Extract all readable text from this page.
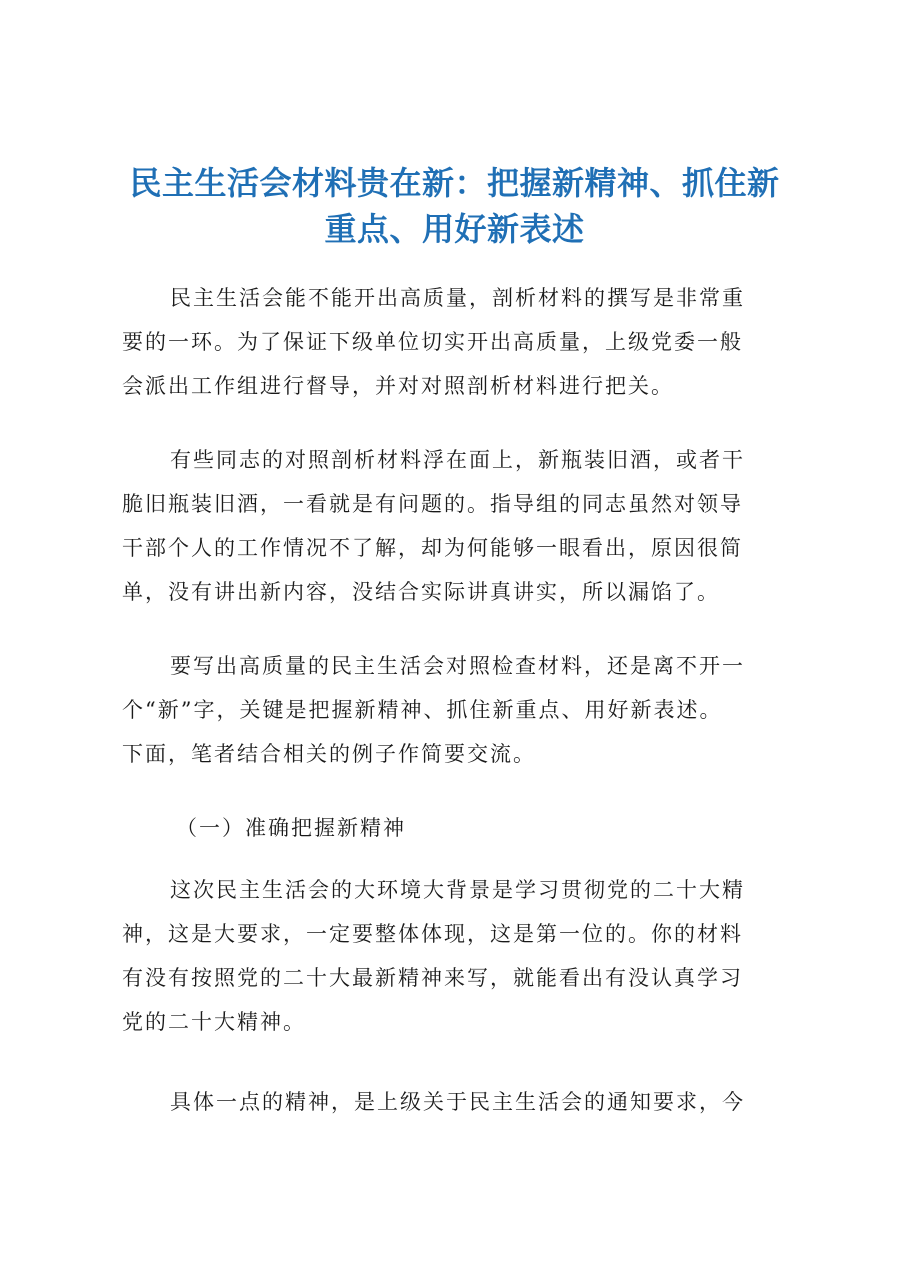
民主生活会材料贵在新：把握新精神、抓住新
重点、用好新表述

民主生活会能不能开出高质量，剖析材料的撰写是非常重
要的一环。为了保证下级单位切实开出高质量，上级党委一般
会派出工作组进行督导，并对对照剖析材料进行把关。

有些同志的对照剖析材料浮在面上，新瓶装旧酒，或者干
脆旧瓶装旧酒，一看就是有问题的。指导组的同志虽然对领导
干部个人的工作情况不了解，却为何能够一眼看出，原因很简
单，没有讲出新内容，没结合实际讲真讲实，所以漏馅了。

要写出高质量的民主生活会对照检查材料，还是离不开一
个“新”字，关键是把握新精神、抓住新重点、用好新表述。
下面，笔者结合相关的例子作简要交流。

（一）准确把握新精神

这次民主生活会的大环境大背景是学习贯彻党的二十大精
神，这是大要求，一定要整体体现，这是第一位的。你的材料
有没有按照党的二十大最新精神来写，就能看出有没认真学习
党的二十大精神。

具体一点的精神，是上级关于民主生活会的通知要求，今
